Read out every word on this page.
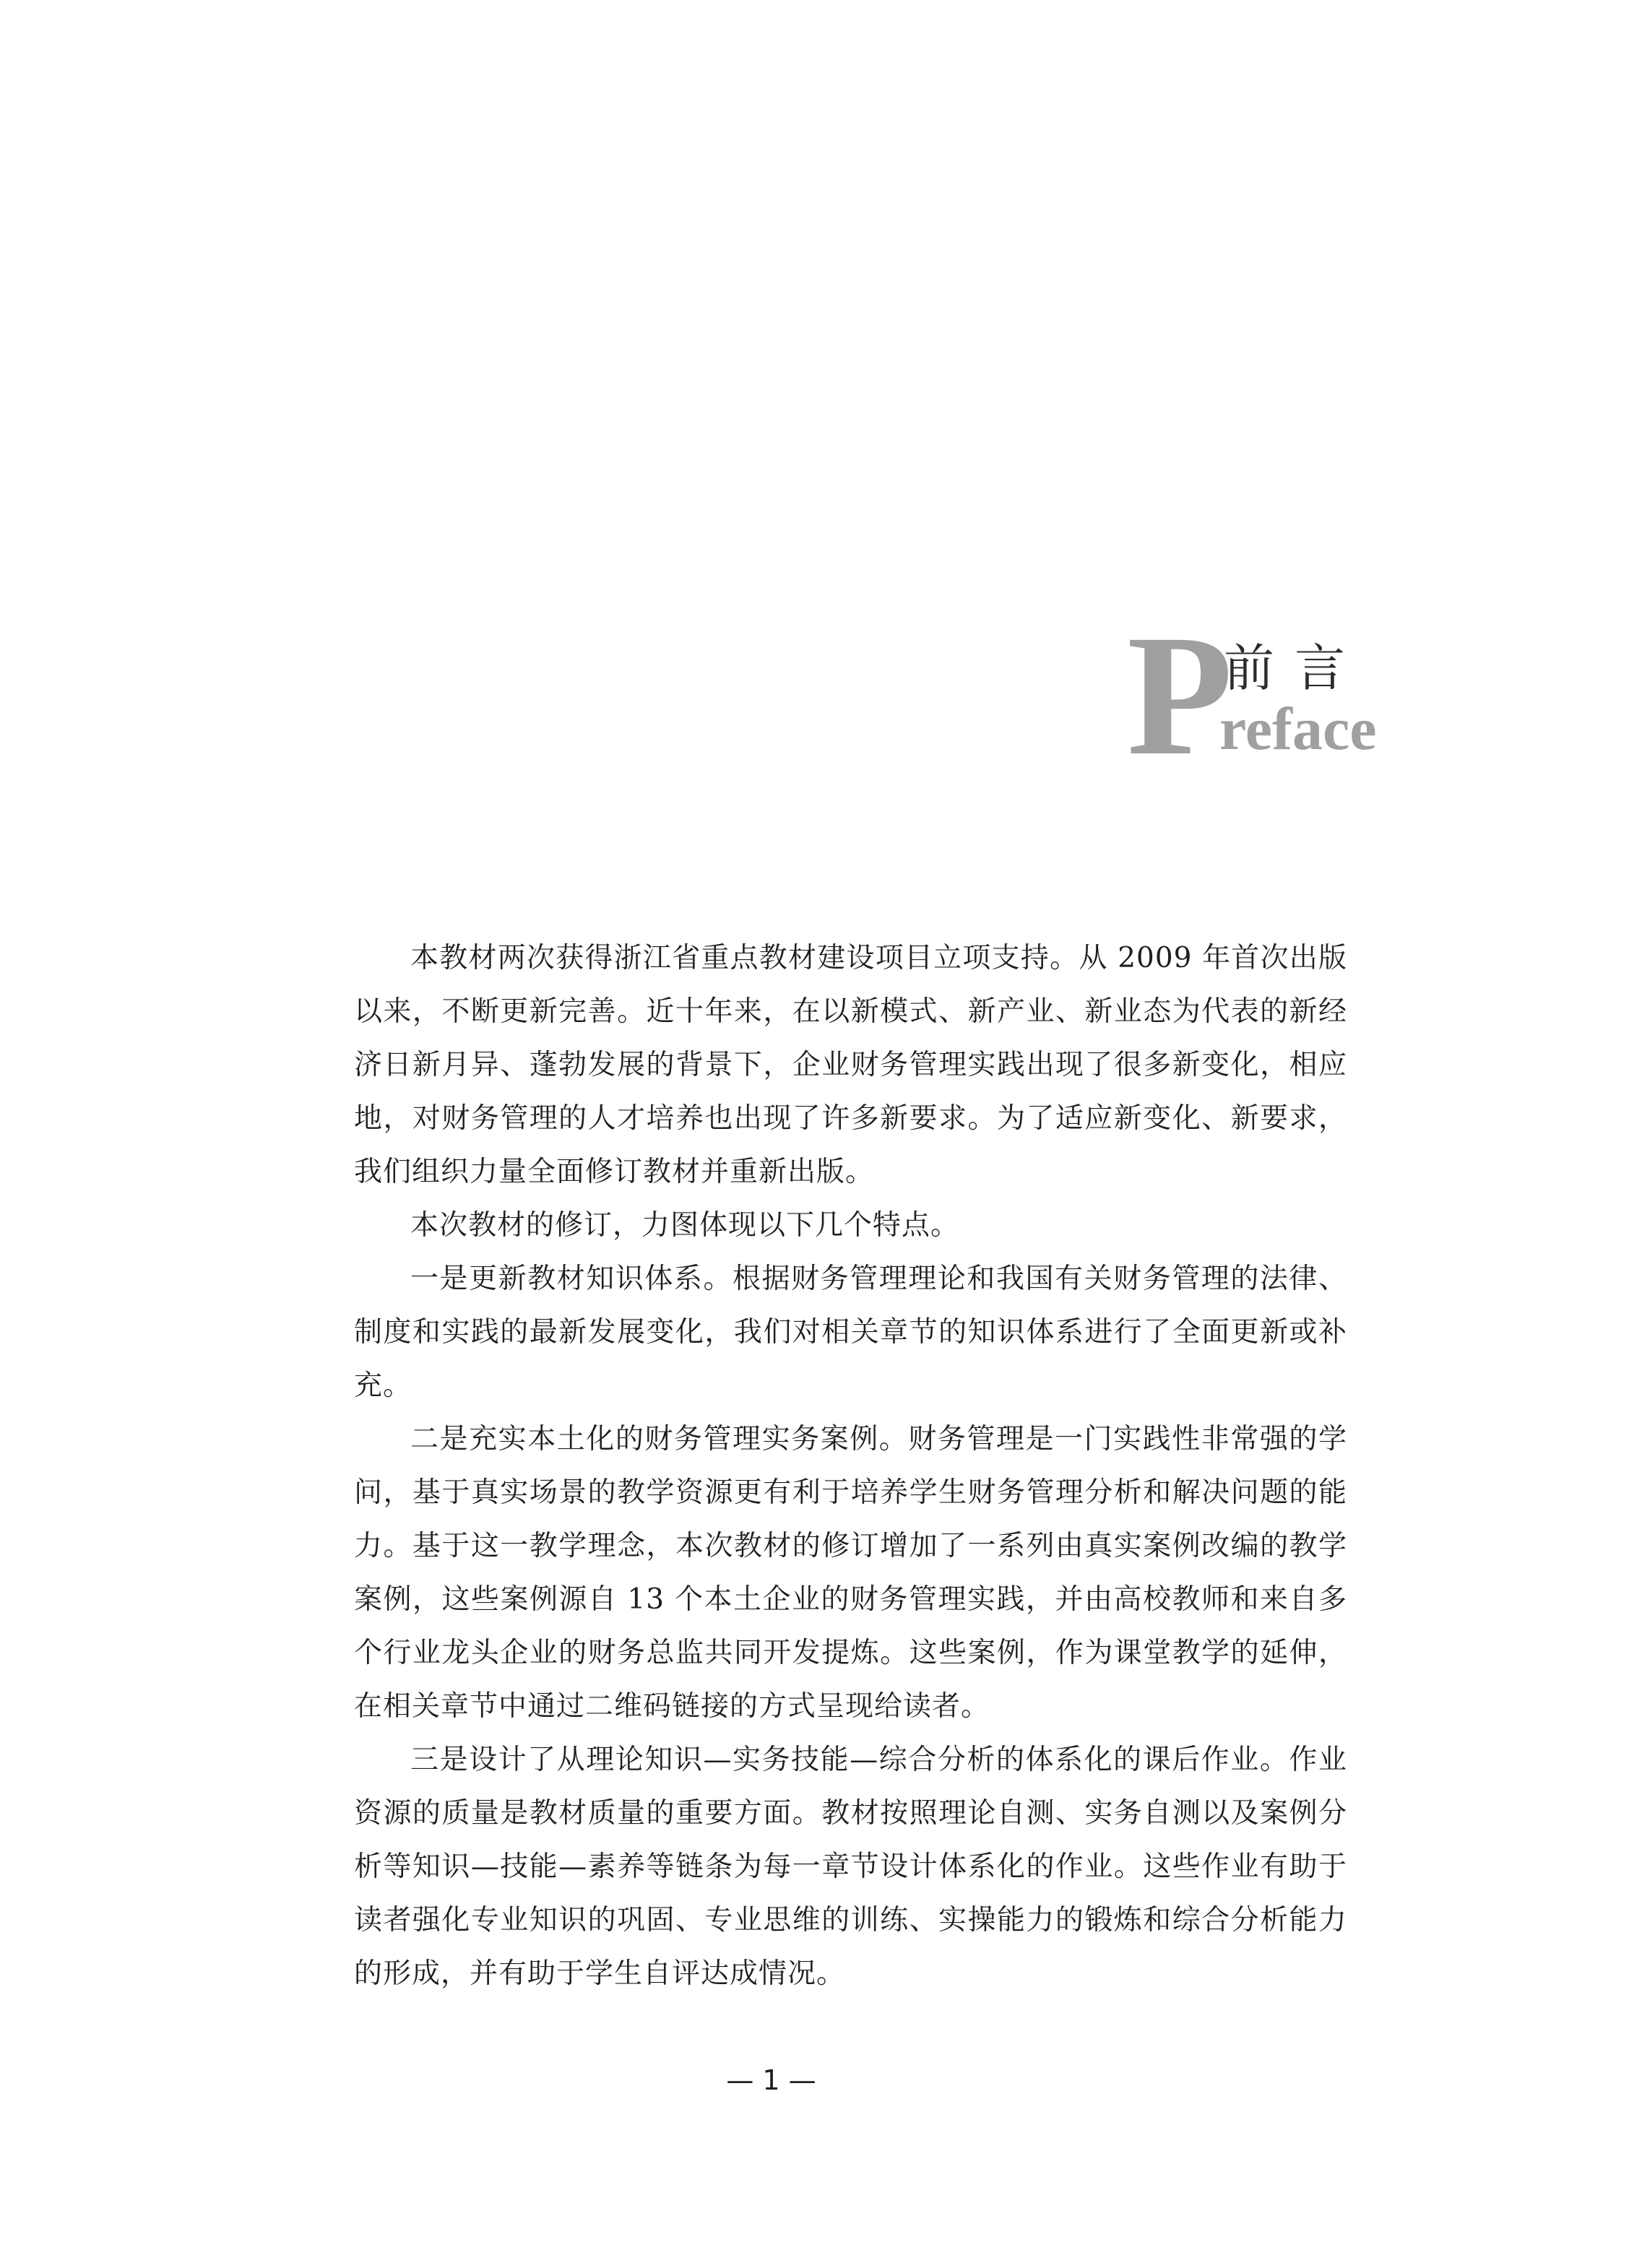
P
前言
reface

本教材两次获得浙江省重点教材建设项目立项支持。从 2009 年首次出版以来，不断更新完善。近十年来，在以新模式、新产业、新业态为代表的新经济日新月异、蓬勃发展的背景下，企业财务管理实践出现了很多新变化，相应地，对财务管理的人才培养也出现了许多新要求。为了适应新变化、新要求，我们组织力量全面修订教材并重新出版。

本次教材的修订，力图体现以下几个特点。

一是更新教材知识体系。根据财务管理理论和我国有关财务管理的法律、制度和实践的最新发展变化，我们对相关章节的知识体系进行了全面更新或补充。

二是充实本土化的财务管理实务案例。财务管理是一门实践性非常强的学问，基于真实场景的教学资源更有利于培养学生财务管理分析和解决问题的能力。基于这一教学理念，本次教材的修订增加了一系列由真实案例改编的教学案例，这些案例源自 13 个本土企业的财务管理实践，并由高校教师和来自多个行业龙头企业的财务总监共同开发提炼。这些案例，作为课堂教学的延伸，在相关章节中通过二维码链接的方式呈现给读者。

三是设计了从理论知识—实务技能—综合分析的体系化的课后作业。作业资源的质量是教材质量的重要方面。教材按照理论自测、实务自测以及案例分析等知识—技能—素养等链条为每一章节设计体系化的作业。这些作业有助于读者强化专业知识的巩固、专业思维的训练、实操能力的锻炼和综合分析能力的形成，并有助于学生自评达成情况。

— 1 —
